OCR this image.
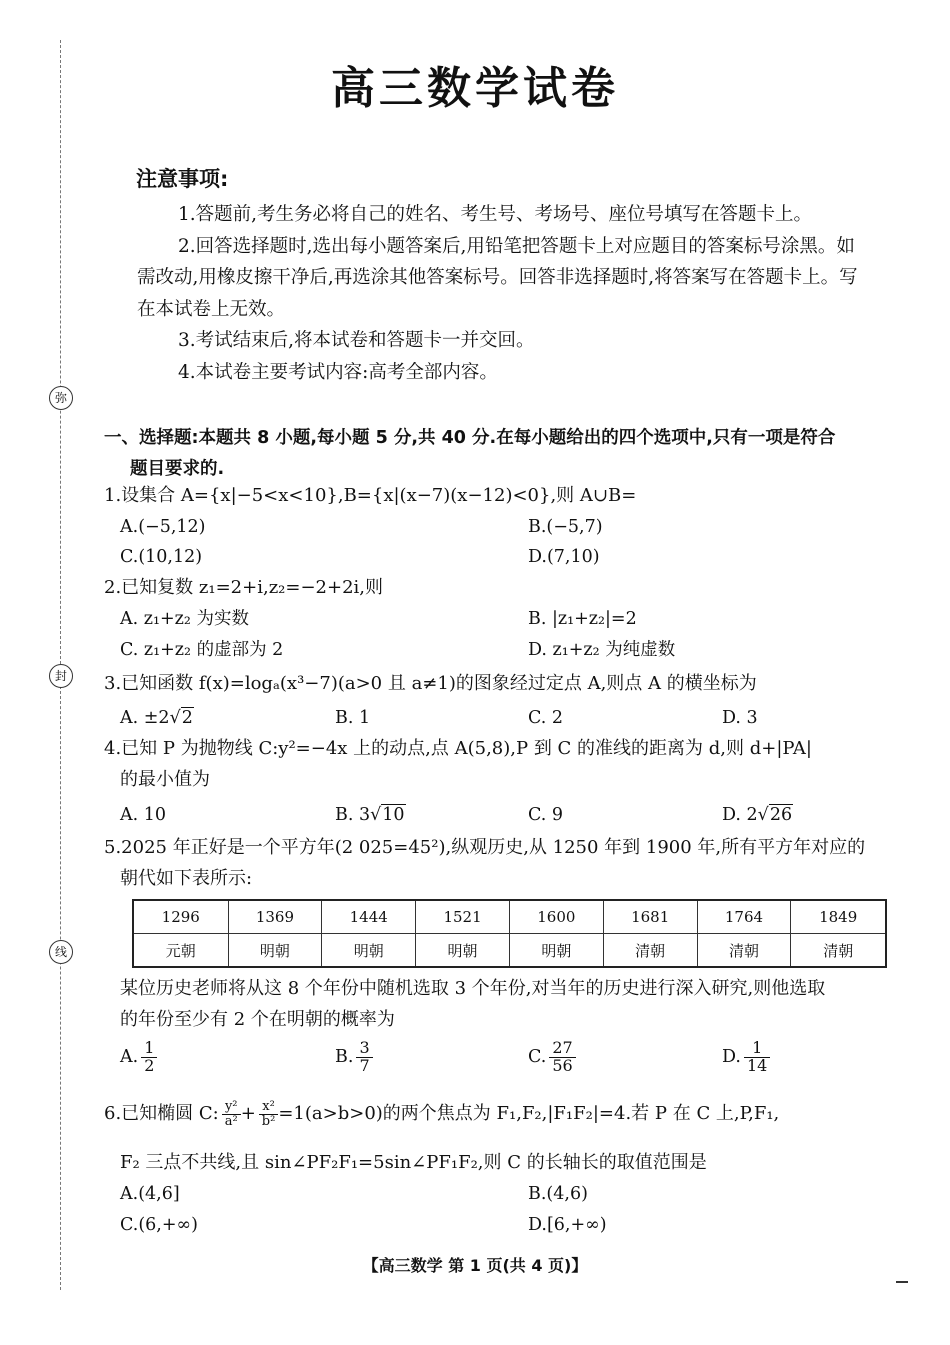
弥
封
线
高三数学试卷
注意事项:

1.答题前,考生务必将自己的姓名、考生号、考场号、座位号填写在答题卡上。

2.回答选择题时,选出每小题答案后,用铅笔把答题卡上对应题目的答案标号涂黑。如需改动,用橡皮擦干净后,再选涂其他答案标号。回答非选择题时,将答案写在答题卡上。写在本试卷上无效。

3.考试结束后,将本试卷和答题卡一并交回。

4.本试卷主要考试内容:高考全部内容。

一、选择题:本题共 8 小题,每小题 5 分,共 40 分.在每小题给出的四个选项中,只有一项是符合
题目要求的.
1.设集合 A={x|−5<x<10},B={x|(x−7)(x−12)<0},则 A∪B=
A.(−5,12)	B.(−5,7)
C.(10,12)	D.(7,10)
2.已知复数 z₁=2+i,z₂=−2+2i,则
A. z₁+z₂ 为实数	B. |z₁+z₂|=2
C. z₁+z₂ 的虚部为 2	D. z₁+z₂ 为纯虚数
3.已知函数 f(x)=logₐ(x³−7)(a>0 且 a≠1)的图象经过定点 A,则点 A 的横坐标为
A. ±2√2	B. 1	C. 2	D. 3
4.已知 P 为抛物线 C:y²=−4x 上的动点,点 A(5,8),P 到 C 的准线的距离为 d,则 d+|PA|
的最小值为
A. 10	B. 3√10	C. 9	D. 2√26
5.2025 年正好是一个平方年(2 025=45²),纵观历史,从 1250 年到 1900 年,所有平方年对应的
朝代如下表所示:
1296	1369	1444	1521	1600	1681	1764	1849
元朝	明朝	明朝	明朝	明朝	清朝	清朝	清朝
某位历史老师将从这 8 个年份中随机选取 3 个年份,对当年的历史进行深入研究,则他选取
的年份至少有 2 个在明朝的概率为
A. $\frac{1}{2}$	B. $\frac{3}{7}$	C. $\frac{27}{56}$	D. $\frac{1}{14}$
6.已知椭圆 C: $\frac{\text{y²}}{\text{a²}} + \frac{\text{x²}}{\text{b²}} =1(a>b>0)$的两个焦点为 F₁,F₂,|F₁F₂|=4.若 P 在 C 上,P,F₁,
F₂ 三点不共线,且 sin∠PF₂F₁=5sin∠PF₁F₂,则 C 的长轴长的取值范围是
A.(4,6]	B.(4,6)
C.(6,+∞)	D.[6,+∞)
【高三数学 第 1 页(共 4 页)】
